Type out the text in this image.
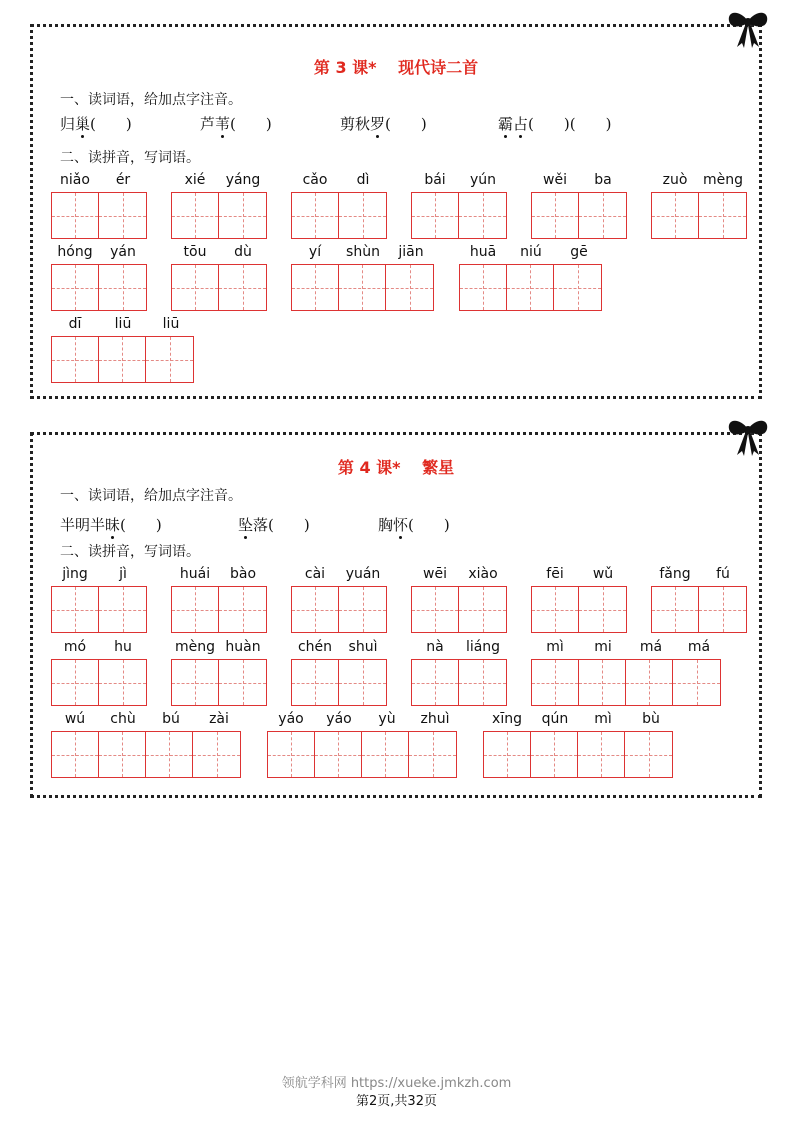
第 3 课* 现代诗二首
一、读词语，给加点字注音。
归巢(　　)	芦苇(　　)	剪秋罗(　　)	霸占(　　)(　　)
二、读拼音，写词语。
niǎo	ér	xié	yáng	cǎo	dì	bái	yún	wěi	ba	zuò	mèng
hóng	yán	tōu	dù	yí	shùn	jiān	huā	niú	gē
dī	liū	liū
第 4 课* 繁星
一、读词语，给加点字注音。
半明半昧(　　)	坠落(　　)	胸怀(　　)
二、读拼音，写词语。
jìng	jì	huái	bào	cài	yuán	wēi	xiào	fēi	wǔ	fǎng	fú
mó	hu	mèng huàn	chén	shuì	nà	liáng	mì	mi	má	má
wú	chù	bú	zài	yáo	yáo	yù	zhuì	xīng	qún	mì	bù
领航学科网 https://xueke.jmkzh.com
第2页,共32页
